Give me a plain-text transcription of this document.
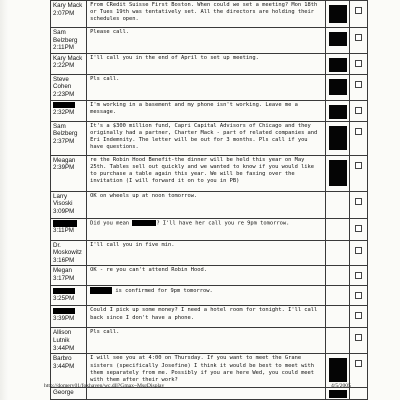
Kary Mack
2:07PM	From CRedit Suisse First Boston. When could we set a meeting? Mon 18th or Tues 19th was tentatively set. All the directors are holding their schedules open.	

Sam Belzberg
2:11PM	Please call.	

Kary Mack
2:22PM	I'll call you in the end of April to set up meeting.	

Steve Cohen
2:23PM	Pls call.	

2:32PM	I'm working in a basement and my phone isn't working. Leave me a message.	

Sam Belzberg
2:37PM	It's a $300 million fund, Capri Capital Advisors of Chicago and they originally had a partner, Charter Mack - part of related companies and Eri Indemnity. The letter will be out for 3 months. Pls call if you have questions.	

Meagan
2:39PM	re the Robin Hood Benefit-the dinner will be held this year on May 25th. Tables sell out quickly and we wanted to know if you would like to purchase a table again this year. We will be faxing over the invitation (I will forward it on to you in PB)	

Larry Visoski
3:09PM	OK on wheels up at noon tomorrow.		

3:11PM	Did you mean ? I'll have her call you re 9pm tomorrow.		

Dr. Moskowitz
3:16PM	I'll call you in five min.		

Megan
3:17PM	OK - re you can't attend Robin Hood.		

3:25PM	is confirmed for 9pm tomorrow.		

3:39PM	Could I pick up some money? I need a hotel room for tonight. I'll call back since I don't have a phone.		

Allison Lutnik
3:44PM	Pls call.		

Barbro
3:44PM	I will see you at 4:00 on Thursday. If you want to meet the Grane sisters (specifically Josefine) I think it would be best to meet with them separately from me. Possibly if you are here Wed, you could meet with them after their work?	

George			

http://domerv01/foxhaven/wc.dll?Gmax~MsgDisplay	4/5/2005
